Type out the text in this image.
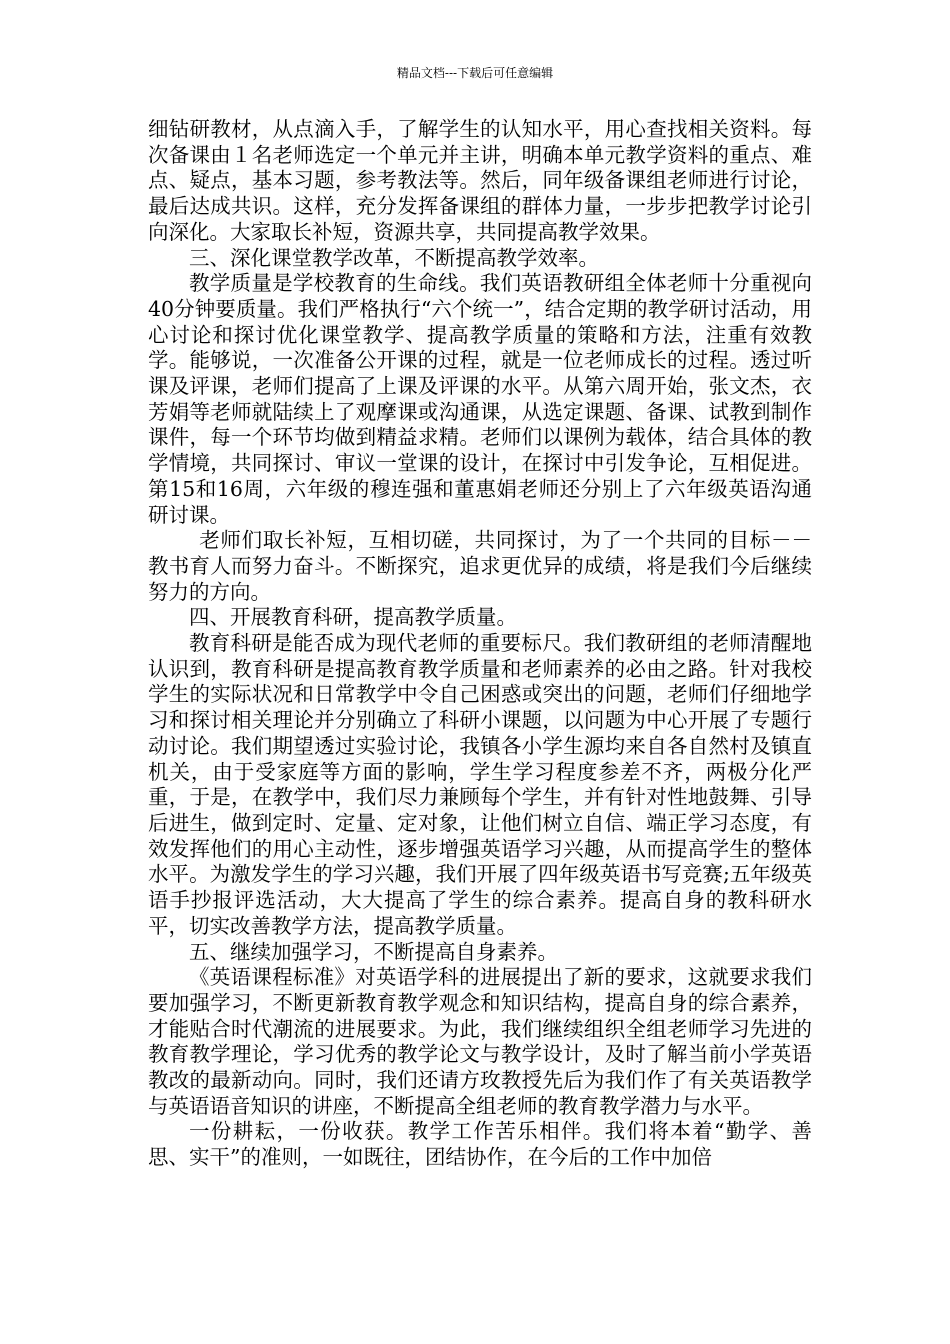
精品文档---下载后可任意编辑

细钻研教材，从点滴入手，了解学生的认知水平，用心查找相关资料。每次备课由１名老师选定一个单元并主讲，明确本单元教学资料的重点、难点、疑点，基本习题，参考教法等。然后，同年级备课组老师进行讨论，最后达成共识。这样，充分发挥备课组的群体力量，一步步把教学讨论引向深化。大家取长补短，资源共享，共同提高教学效果。

三、深化课堂教学改革，不断提高教学效率。

教学质量是学校教育的生命线。我们英语教研组全体老师十分重视向40分钟要质量。我们严格执行“六个统一”，结合定期的教学研讨活动，用心讨论和探讨优化课堂教学、提高教学质量的策略和方法，注重有效教学。能够说，一次准备公开课的过程，就是一位老师成长的过程。透过听课及评课，老师们提高了上课及评课的水平。从第六周开始，张文杰，衣芳娟等老师就陆续上了观摩课或沟通课，从选定课题、备课、试教到制作课件，每一个环节均做到精益求精。老师们以课例为载体，结合具体的教学情境，共同探讨、审议一堂课的设计，在探讨中引发争论，互相促进。第15和16周，六年级的穆连强和董惠娟老师还分别上了六年级英语沟通研讨课。

老师们取长补短，互相切磋，共同探讨，为了一个共同的目标－－教书育人而努力奋斗。不断探究，追求更优异的成绩，将是我们今后继续努力的方向。

四、开展教育科研，提高教学质量。

教育科研是能否成为现代老师的重要标尺。我们教研组的老师清醒地认识到，教育科研是提高教育教学质量和老师素养的必由之路。针对我校学生的实际状况和日常教学中令自己困惑或突出的问题，老师们仔细地学习和探讨相关理论并分别确立了科研小课题，以问题为中心开展了专题行动讨论。我们期望透过实验讨论，我镇各小学生源均来自各自然村及镇直机关，由于受家庭等方面的影响，学生学习程度参差不齐，两极分化严重，于是，在教学中，我们尽力兼顾每个学生，并有针对性地鼓舞、引导后进生，做到定时、定量、定对象，让他们树立自信、端正学习态度，有效发挥他们的用心主动性，逐步增强英语学习兴趣，从而提高学生的整体水平。为激发学生的学习兴趣，我们开展了四年级英语书写竞赛;五年级英语手抄报评选活动，大大提高了学生的综合素养。提高自身的教科研水平，切实改善教学方法，提高教学质量。

五、继续加强学习，不断提高自身素养。

《英语课程标准》对英语学科的进展提出了新的要求，这就要求我们要加强学习，不断更新教育教学观念和知识结构，提高自身的综合素养，才能贴合时代潮流的进展要求。为此，我们继续组织全组老师学习先进的教育教学理论，学习优秀的教学论文与教学设计，及时了解当前小学英语教改的最新动向。同时，我们还请方玫教授先后为我们作了有关英语教学与英语语音知识的讲座，不断提高全组老师的教育教学潜力与水平。

一份耕耘，一份收获。教学工作苦乐相伴。我们将本着“勤学、善思、实干”的准则，一如既往，团结协作，在今后的工作中加倍
